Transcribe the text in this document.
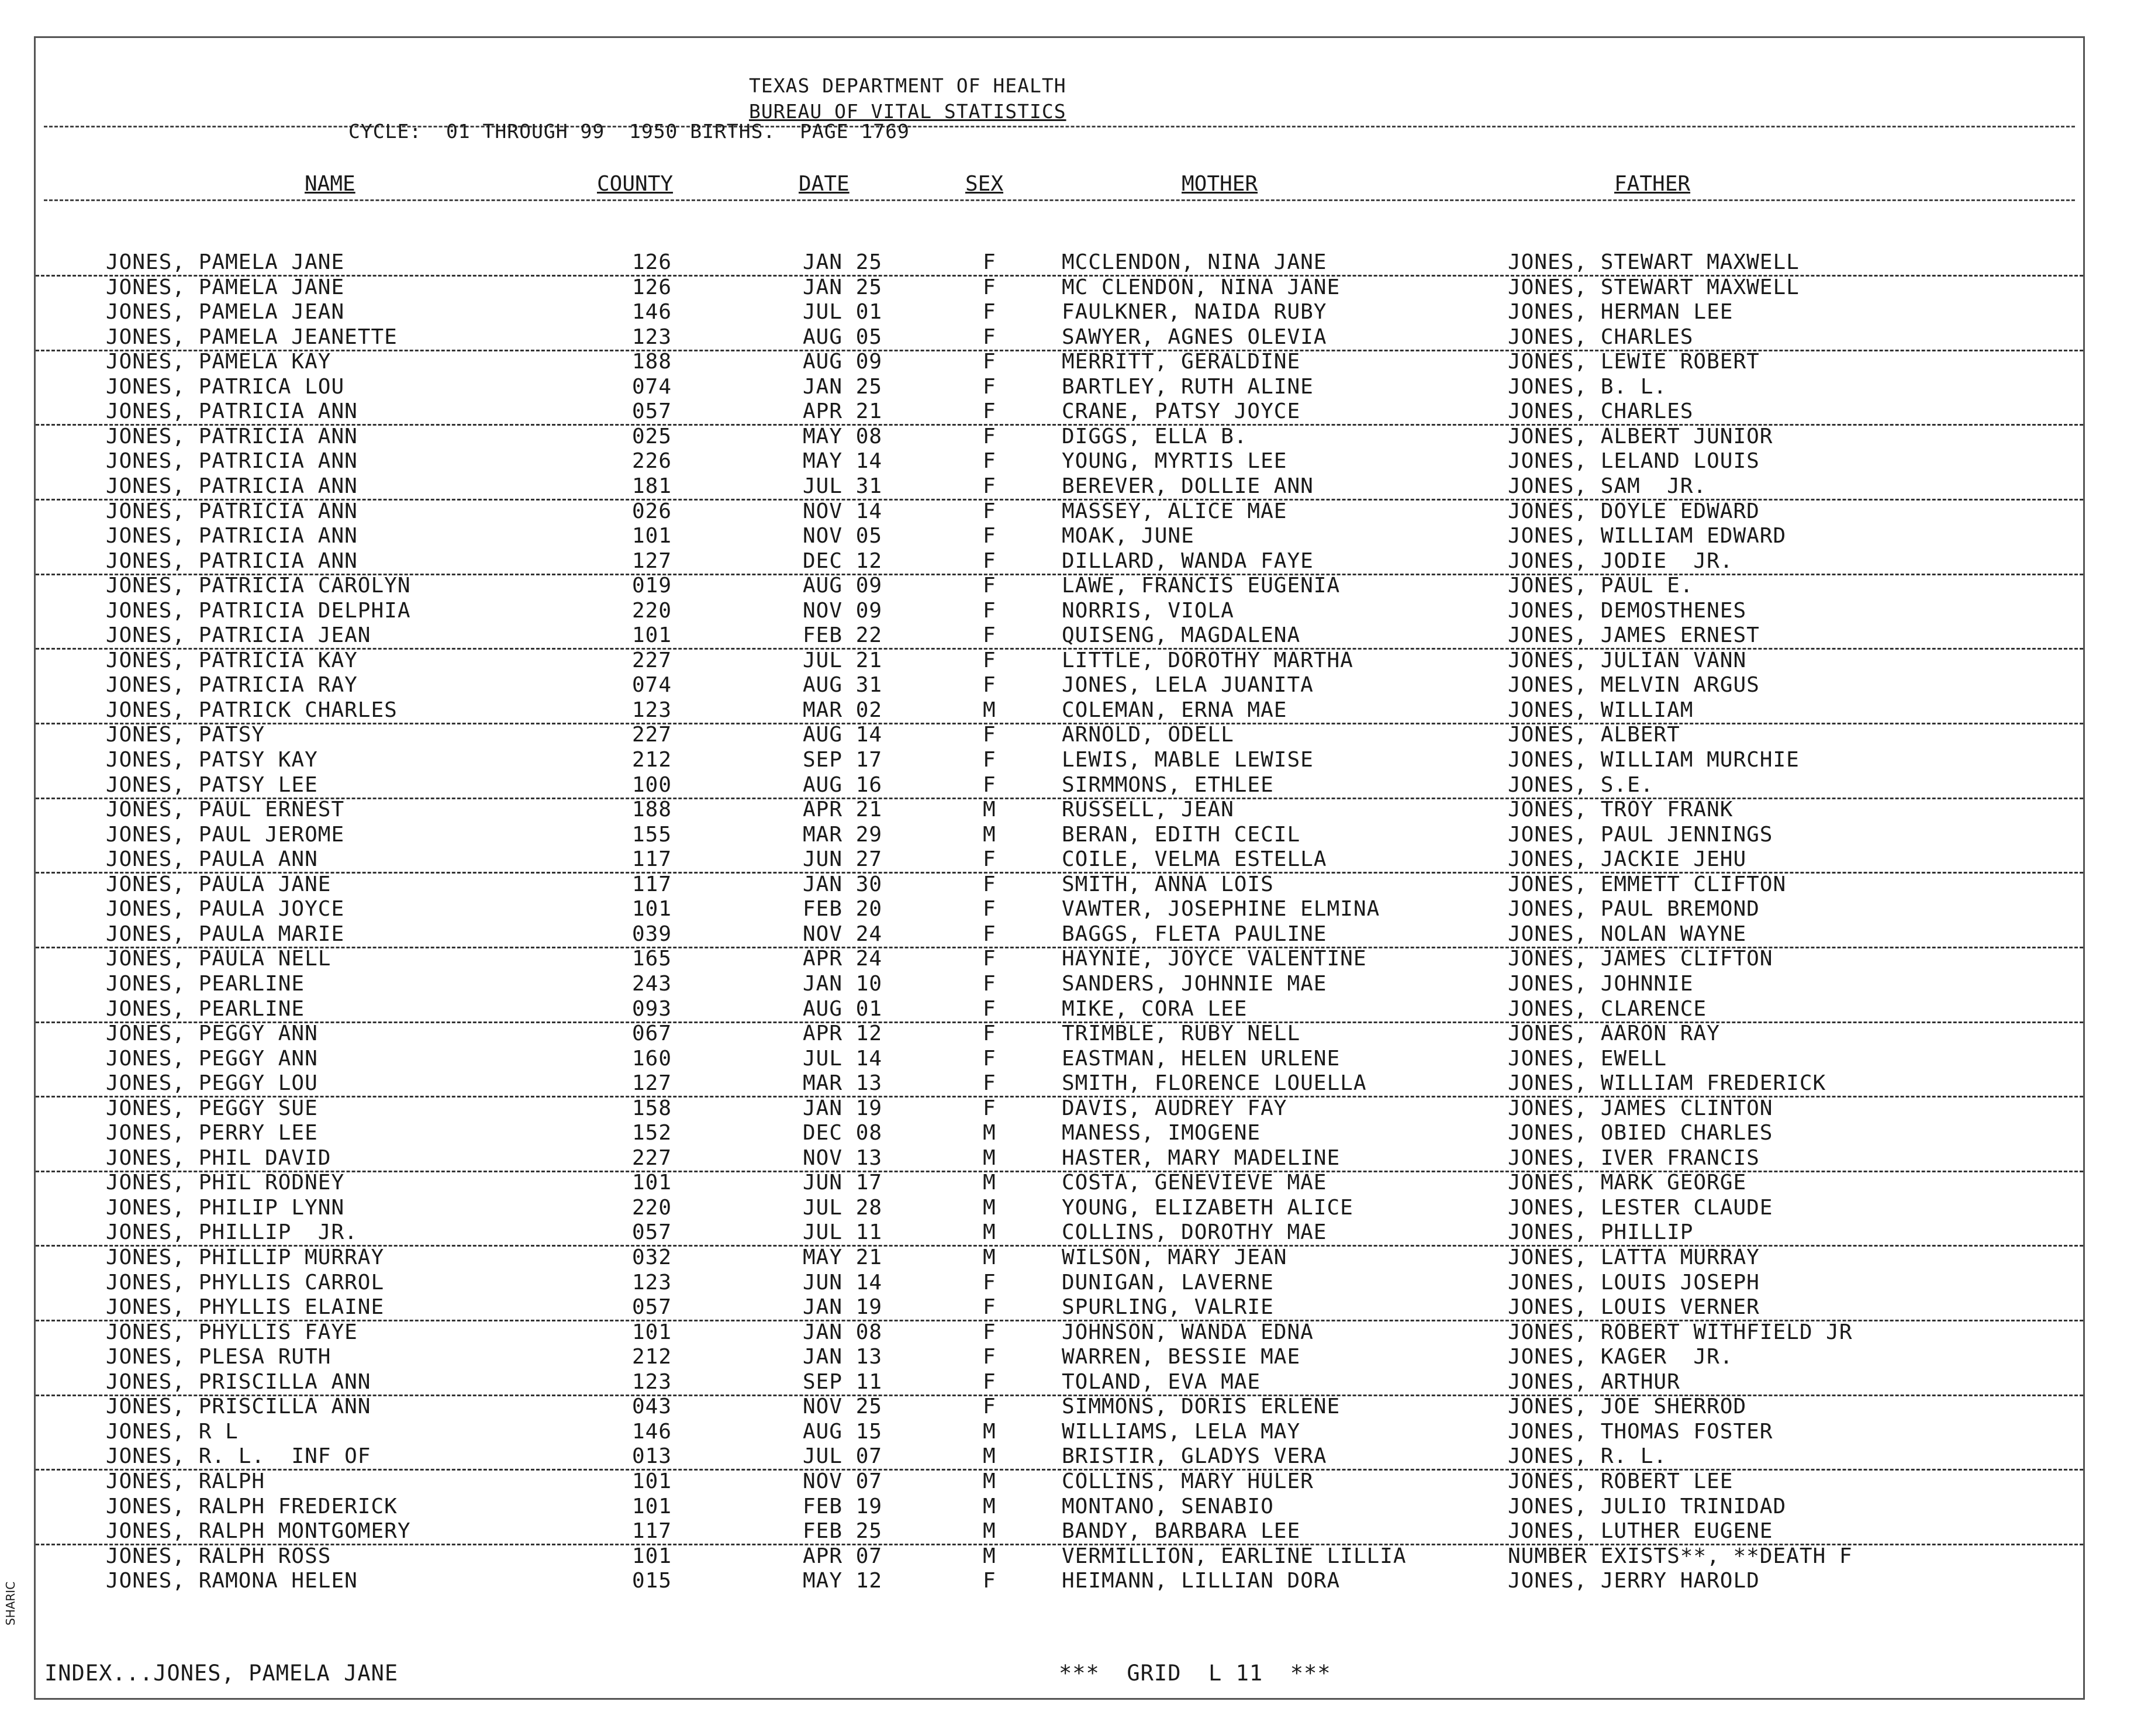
TEXAS DEPARTMENT OF HEALTH
BUREAU OF VITAL STATISTICS
CYCLE:  01 THROUGH 99  1950 BIRTHS.  PAGE 1769
NAME	COUNTY	DATE	SEX	MOTHER	FATHER
JONES, PAMELA JANE	126	JAN 25	F	MCCLENDON, NINA JANE	JONES, STEWART MAXWELL
JONES, PAMELA JANE	126	JAN 25	F	MC CLENDON, NINA JANE	JONES, STEWART MAXWELL
JONES, PAMELA JEAN	146	JUL 01	F	FAULKNER, NAIDA RUBY	JONES, HERMAN LEE
JONES, PAMELA JEANETTE	123	AUG 05	F	SAWYER, AGNES OLEVIA	JONES, CHARLES
JONES, PAMELA KAY	188	AUG 09	F	MERRITT, GERALDINE	JONES, LEWIE ROBERT
JONES, PATRICA LOU	074	JAN 25	F	BARTLEY, RUTH ALINE	JONES, B. L.
JONES, PATRICIA ANN	057	APR 21	F	CRANE, PATSY JOYCE	JONES, CHARLES
JONES, PATRICIA ANN	025	MAY 08	F	DIGGS, ELLA B.	JONES, ALBERT JUNIOR
JONES, PATRICIA ANN	226	MAY 14	F	YOUNG, MYRTIS LEE	JONES, LELAND LOUIS
JONES, PATRICIA ANN	181	JUL 31	F	BEREVER, DOLLIE ANN	JONES, SAM  JR.
JONES, PATRICIA ANN	026	NOV 14	F	MASSEY, ALICE MAE	JONES, DOYLE EDWARD
JONES, PATRICIA ANN	101	NOV 05	F	MOAK, JUNE	JONES, WILLIAM EDWARD
JONES, PATRICIA ANN	127	DEC 12	F	DILLARD, WANDA FAYE	JONES, JODIE  JR.
JONES, PATRICIA CAROLYN	019	AUG 09	F	LAWE, FRANCIS EUGENIA	JONES, PAUL E.
JONES, PATRICIA DELPHIA	220	NOV 09	F	NORRIS, VIOLA	JONES, DEMOSTHENES
JONES, PATRICIA JEAN	101	FEB 22	F	QUISENG, MAGDALENA	JONES, JAMES ERNEST
JONES, PATRICIA KAY	227	JUL 21	F	LITTLE, DOROTHY MARTHA	JONES, JULIAN VANN
JONES, PATRICIA RAY	074	AUG 31	F	JONES, LELA JUANITA	JONES, MELVIN ARGUS
JONES, PATRICK CHARLES	123	MAR 02	M	COLEMAN, ERNA MAE	JONES, WILLIAM
JONES, PATSY	227	AUG 14	F	ARNOLD, ODELL	JONES, ALBERT
JONES, PATSY KAY	212	SEP 17	F	LEWIS, MABLE LEWISE	JONES, WILLIAM MURCHIE
JONES, PATSY LEE	100	AUG 16	F	SIRMMONS, ETHLEE	JONES, S.E.
JONES, PAUL ERNEST	188	APR 21	M	RUSSELL, JEAN	JONES, TROY FRANK
JONES, PAUL JEROME	155	MAR 29	M	BERAN, EDITH CECIL	JONES, PAUL JENNINGS
JONES, PAULA ANN	117	JUN 27	F	COILE, VELMA ESTELLA	JONES, JACKIE JEHU
JONES, PAULA JANE	117	JAN 30	F	SMITH, ANNA LOIS	JONES, EMMETT CLIFTON
JONES, PAULA JOYCE	101	FEB 20	F	VAWTER, JOSEPHINE ELMINA	JONES, PAUL BREMOND
JONES, PAULA MARIE	039	NOV 24	F	BAGGS, FLETA PAULINE	JONES, NOLAN WAYNE
JONES, PAULA NELL	165	APR 24	F	HAYNIE, JOYCE VALENTINE	JONES, JAMES CLIFTON
JONES, PEARLINE	243	JAN 10	F	SANDERS, JOHNNIE MAE	JONES, JOHNNIE
JONES, PEARLINE	093	AUG 01	F	MIKE, CORA LEE	JONES, CLARENCE
JONES, PEGGY ANN	067	APR 12	F	TRIMBLE, RUBY NELL	JONES, AARON RAY
JONES, PEGGY ANN	160	JUL 14	F	EASTMAN, HELEN URLENE	JONES, EWELL
JONES, PEGGY LOU	127	MAR 13	F	SMITH, FLORENCE LOUELLA	JONES, WILLIAM FREDERICK
JONES, PEGGY SUE	158	JAN 19	F	DAVIS, AUDREY FAY	JONES, JAMES CLINTON
JONES, PERRY LEE	152	DEC 08	M	MANESS, IMOGENE	JONES, OBIED CHARLES
JONES, PHIL DAVID	227	NOV 13	M	HASTER, MARY MADELINE	JONES, IVER FRANCIS
JONES, PHIL RODNEY	101	JUN 17	M	COSTA, GENEVIEVE MAE	JONES, MARK GEORGE
JONES, PHILIP LYNN	220	JUL 28	M	YOUNG, ELIZABETH ALICE	JONES, LESTER CLAUDE
JONES, PHILLIP  JR.	057	JUL 11	M	COLLINS, DOROTHY MAE	JONES, PHILLIP
JONES, PHILLIP MURRAY	032	MAY 21	M	WILSON, MARY JEAN	JONES, LATTA MURRAY
JONES, PHYLLIS CARROL	123	JUN 14	F	DUNIGAN, LAVERNE	JONES, LOUIS JOSEPH
JONES, PHYLLIS ELAINE	057	JAN 19	F	SPURLING, VALRIE	JONES, LOUIS VERNER
JONES, PHYLLIS FAYE	101	JAN 08	F	JOHNSON, WANDA EDNA	JONES, ROBERT WITHFIELD JR
JONES, PLESA RUTH	212	JAN 13	F	WARREN, BESSIE MAE	JONES, KAGER  JR.
JONES, PRISCILLA ANN	123	SEP 11	F	TOLAND, EVA MAE	JONES, ARTHUR
JONES, PRISCILLA ANN	043	NOV 25	F	SIMMONS, DORIS ERLENE	JONES, JOE SHERROD
JONES, R L	146	AUG 15	M	WILLIAMS, LELA MAY	JONES, THOMAS FOSTER
JONES, R. L.  INF OF	013	JUL 07	M	BRISTIR, GLADYS VERA	JONES, R. L.
JONES, RALPH	101	NOV 07	M	COLLINS, MARY HULER	JONES, ROBERT LEE
JONES, RALPH FREDERICK	101	FEB 19	M	MONTANO, SENABIO	JONES, JULIO TRINIDAD
JONES, RALPH MONTGOMERY	117	FEB 25	M	BANDY, BARBARA LEE	JONES, LUTHER EUGENE
JONES, RALPH ROSS	101	APR 07	M	VERMILLION, EARLINE LILLIA	NUMBER EXISTS**, **DEATH F
JONES, RAMONA HELEN	015	MAY 12	F	HEIMANN, LILLIAN DORA	JONES, JERRY HAROLD
INDEX...JONES, PAMELA JANE	***  GRID  L 11  ***
SHARIC
